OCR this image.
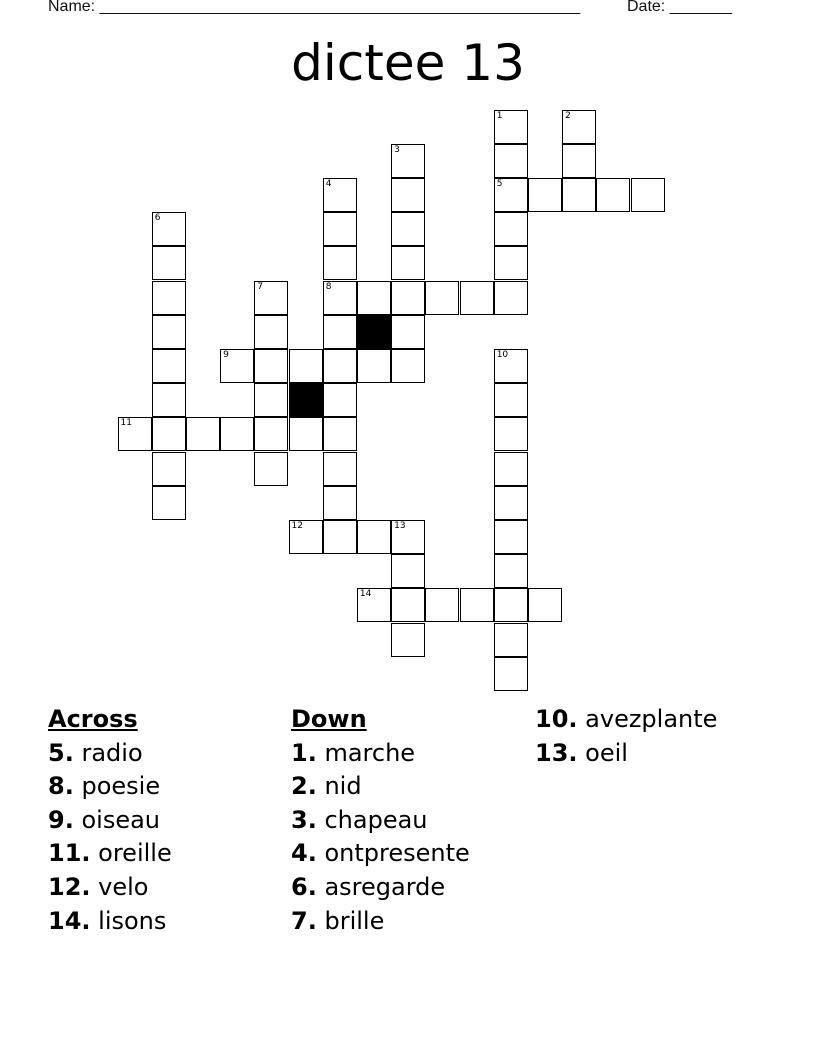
Name: ______________________________________________________	Date: _______
dictee 13
1	2
3
4	5
6
7	8
9	10
11
12	13
14
Across
5. radio
8. poesie
9. oiseau
11. oreille
12. velo
14. lisons
Down
1. marche
2. nid
3. chapeau
4. ontpresente
6. asregarde
7. brille
10. avezplante
13. oeil
